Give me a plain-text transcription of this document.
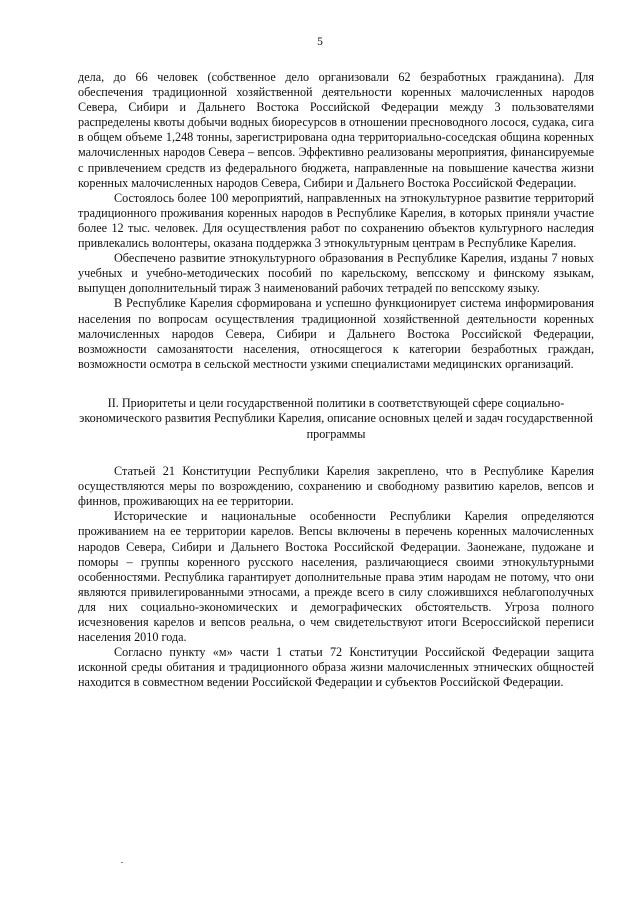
5

дела, до 66 человек (собственное дело организовали 62 безработных гражданина). Для обеспечения традиционной хозяйственной деятельности коренных малочисленных народов Севера, Сибири и Дальнего Востока Российской Федерации между 3 пользователями распределены квоты добычи водных биоресурсов в отношении пресноводного лосося, судака, сига в общем объеме 1,248 тонны, зарегистрирована одна территориально-соседская община коренных малочисленных народов Севера – вепсов. Эффективно реализованы мероприятия, финансируемые с привлечением средств из федерального бюджета, направленные на повышение качества жизни коренных малочисленных народов Севера, Сибири и Дальнего Востока Российской Федерации.

Состоялось более 100 мероприятий, направленных на этнокультурное развитие территорий традиционного проживания коренных народов в Республике Карелия, в которых приняли участие более 12 тыс. человек. Для осуществления работ по сохранению объектов культурного наследия привлекались волонтеры, оказана поддержка 3 этнокультурным центрам в Республике Карелия.

Обеспечено развитие этнокультурного образования в Республике Карелия, изданы 7 новых учебных и учебно-методических пособий по карельскому, вепсскому и финскому языкам, выпущен дополнительный тираж 3 наименований рабочих тетрадей по вепсскому языку.

В Республике Карелия сформирована и успешно функционирует система информирования населения по вопросам осуществления традиционной хозяйственной деятельности коренных малочисленных народов Севера, Сибири и Дальнего Востока Российской Федерации, возможности самозанятости населения, относящегося к категории безработных граждан, возможности осмотра в сельской местности узкими специалистами медицинских организаций.

II. Приоритеты и цели государственной политики в соответствующей сфере социально-экономического развития Республики Карелия, описание основных целей и задач государственной программы

Статьей 21 Конституции Республики Карелия закреплено, что в Республике Карелия осуществляются меры по возрождению, сохранению и свободному развитию карелов, вепсов и финнов, проживающих на ее территории.

Исторические и национальные особенности Республики Карелия определяются проживанием на ее территории карелов. Вепсы включены в перечень коренных малочисленных народов Севера, Сибири и Дальнего Востока Российской Федерации. Заонежане, пудожане и поморы – группы коренного русского населения, различающиеся своими этнокультурными особенностями. Республика гарантирует дополнительные права этим народам не потому, что они являются привилегированными этносами, а прежде всего в силу сложившихся неблагополучных для них социально-экономических и демографических обстоятельств. Угроза полного исчезновения карелов и вепсов реальна, о чем свидетельствуют итоги Всероссийской переписи населения 2010 года.

Согласно пункту «м» части 1 статьи 72 Конституции Российской Федерации защита исконной среды обитания и традиционного образа жизни малочисленных этнических общностей находится в совместном ведении Российской Федерации и субъектов Российской Федерации.
